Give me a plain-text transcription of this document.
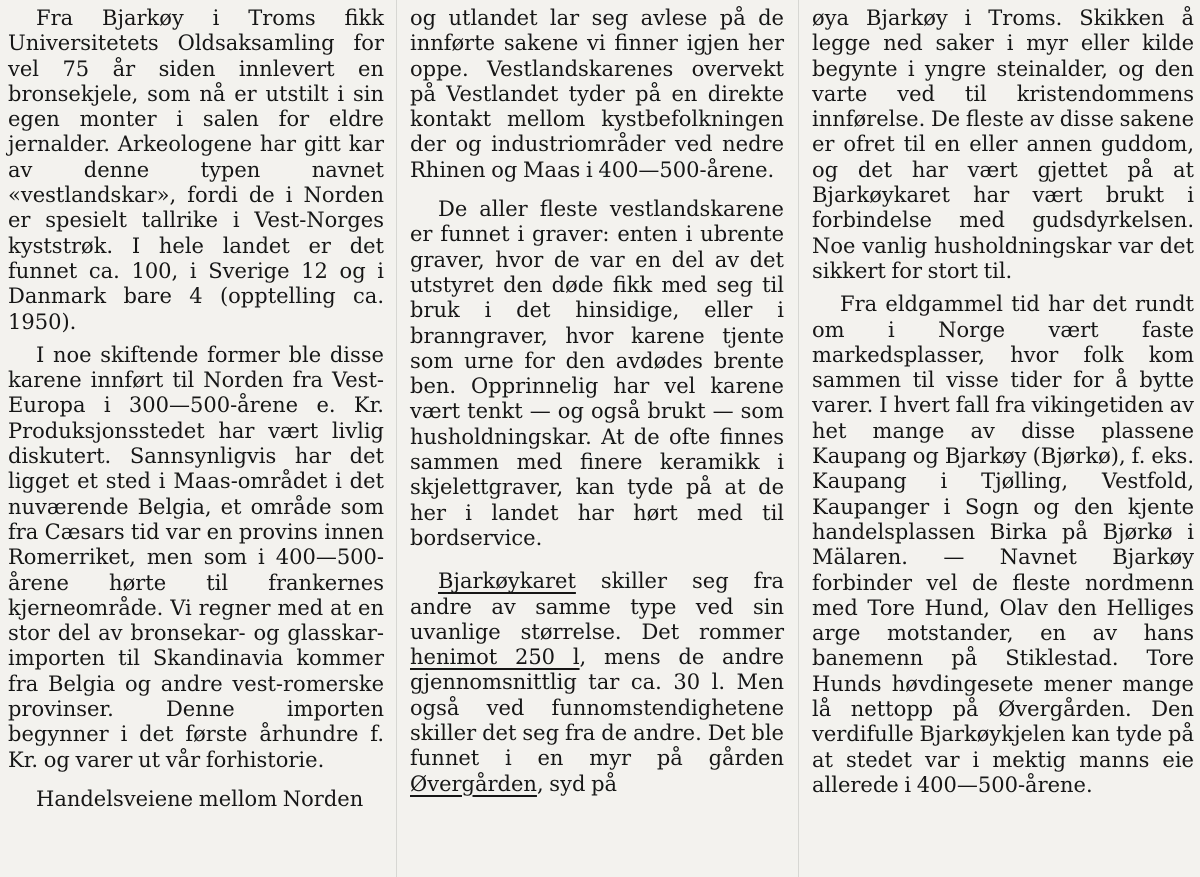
Fra Bjarkøy i Troms fikk Universitetets Oldsaksamling for vel 75 år siden innlevert en bronsekjele, som nå er utstilt i sin egen monter i salen for eldre jernalder. Arkeologene har gitt kar av denne typen navnet «vestlandskar», fordi de i Norden er spesielt tallrike i Vest-Norges kyststrøk. I hele landet er det funnet ca. 100, i Sverige 12 og i Danmark bare 4 (opptelling ca. 1950).

I noe skiftende former ble disse karene innført til Norden fra Vest-Europa i 300—500-årene e. Kr. Produksjonsstedet har vært livlig diskutert. Sannsynligvis har det ligget et sted i Maas-området i det nuværende Belgia, et område som fra Cæsars tid var en provins innen Romerriket, men som i 400—500-årene hørte til frankernes kjerneområde. Vi regner med at en stor del av bronsekar- og glasskar-importen til Skandinavia kommer fra Belgia og andre vest-romerske provinser. Denne importen begynner i det første århundre f. Kr. og varer ut vår forhistorie.

Handelsveiene mellom Norden

og utlandet lar seg avlese på de innførte sakene vi finner igjen her oppe. Vestlandskarenes overvekt på Vestlandet tyder på en direkte kontakt mellom kystbefolkningen der og industriområder ved nedre Rhinen og Maas i 400—500-årene.

De aller fleste vestlandskarene er funnet i graver: enten i ubrente graver, hvor de var en del av det utstyret den døde fikk med seg til bruk i det hinsidige, eller i branngraver, hvor karene tjente som urne for den avdødes brente ben. Opprinnelig har vel karene vært tenkt — og også brukt — som husholdningskar. At de ofte finnes sammen med finere keramikk i skjelettgraver, kan tyde på at de her i landet har hørt med til bordservice.

Bjarkøykaret skiller seg fra andre av samme type ved sin uvanlige størrelse. Det rommer henimot 250 l, mens de andre gjennomsnittlig tar ca. 30 l. Men også ved funnomstendighetene skiller det seg fra de andre. Det ble funnet i en myr på gården Øvergården, syd på

øya Bjarkøy i Troms. Skikken å legge ned saker i myr eller kilde begynte i yngre steinalder, og den varte ved til kristendommens innførelse. De fleste av disse sakene er ofret til en eller annen guddom, og det har vært gjettet på at Bjarkøykaret har vært brukt i forbindelse med gudsdyrkelsen. Noe vanlig husholdningskar var det sikkert for stort til.

Fra eldgammel tid har det rundt om i Norge vært faste markedsplasser, hvor folk kom sammen til visse tider for å bytte varer. I hvert fall fra vikingetiden av het mange av disse plassene Kaupang og Bjarkøy (Bjørkø), f. eks. Kaupang i Tjølling, Vestfold, Kaupanger i Sogn og den kjente handelsplassen Birka på Bjørkø i Mälaren. — Navnet Bjarkøy forbinder vel de fleste nordmenn med Tore Hund, Olav den Helliges arge motstander, en av hans banemenn på Stiklestad. Tore Hunds høvdingesete mener mange lå nettopp på Øvergården. Den verdifulle Bjarkøykjelen kan tyde på at stedet var i mektig manns eie allerede i 400—500-årene.
